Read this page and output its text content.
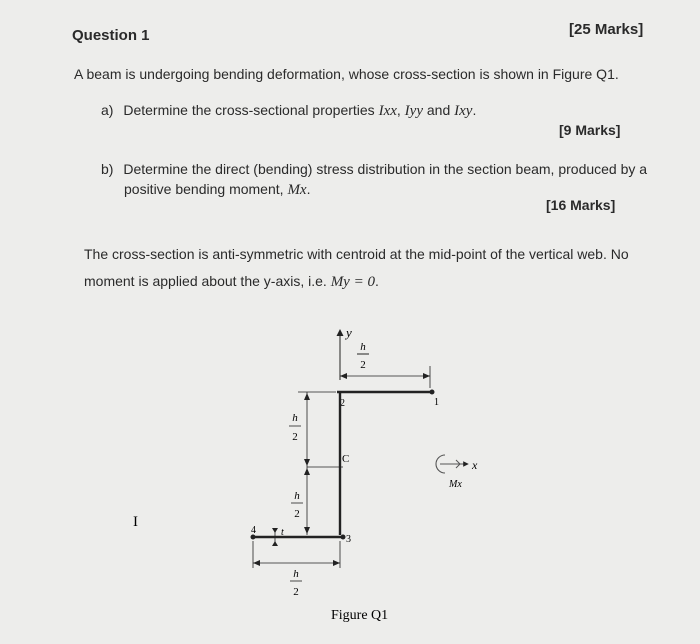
Question 1	[25 Marks]
A beam is undergoing bending deformation, whose cross-section is shown in Figure Q1.
a) Determine the cross-sectional properties Ixx, Iyy and Ixy.
[9 Marks]
b) Determine the direct (bending) stress distribution in the section beam, produced by a
positive bending moment, Mx.
[16 Marks]
The cross-section is anti-symmetric with centroid at the mid-point of the vertical web. No
moment is applied about the y-axis, i.e. My = 0.
y
h
2
1
2
C	x
Mx
h
2
h
2
4
3
t
h
2
I
Figure Q1
